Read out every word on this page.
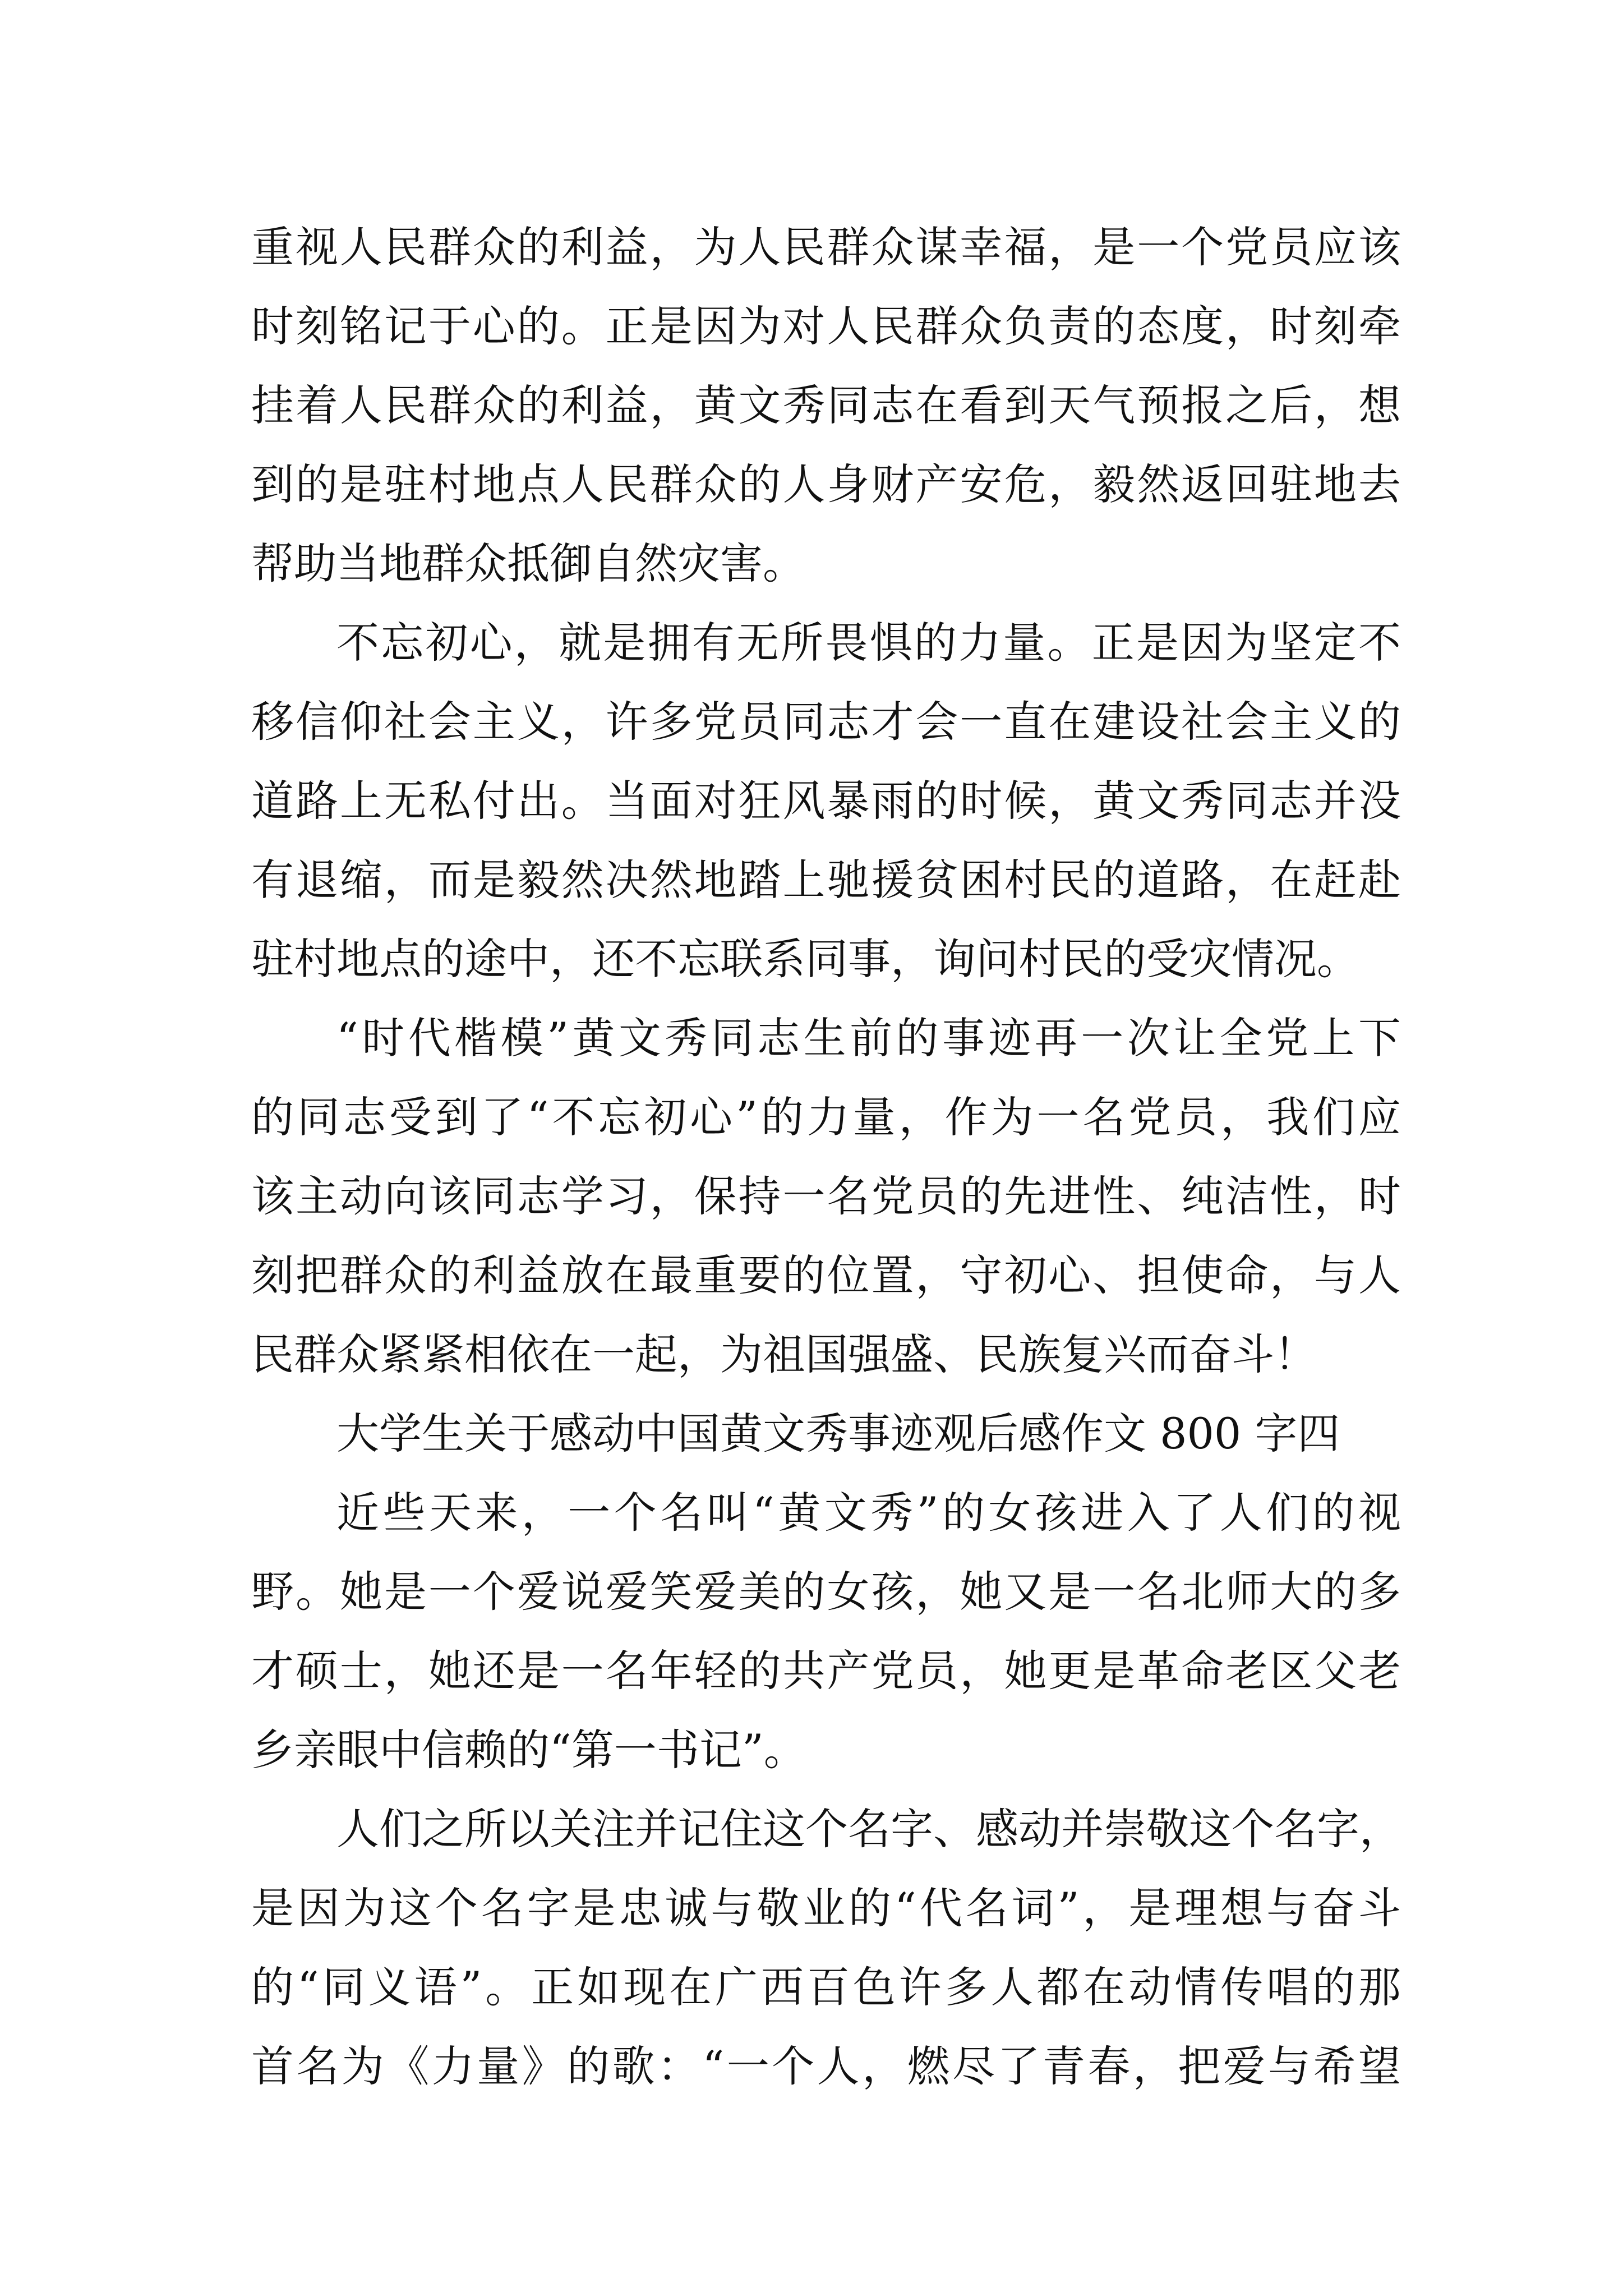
重视人民群众的利益，为人民群众谋幸福，是一个党员应该
时刻铭记于心的。正是因为对人民群众负责的态度，时刻牵
挂着人民群众的利益，黄文秀同志在看到天气预报之后，想
到的是驻村地点人民群众的人身财产安危，毅然返回驻地去
帮助当地群众抵御自然灾害。
不忘初心，就是拥有无所畏惧的力量。正是因为坚定不
移信仰社会主义，许多党员同志才会一直在建设社会主义的
道路上无私付出。当面对狂风暴雨的时候，黄文秀同志并没
有退缩，而是毅然决然地踏上驰援贫困村民的道路，在赶赴
驻村地点的途中，还不忘联系同事，询问村民的受灾情况。
“时代楷模”黄文秀同志生前的事迹再一次让全党上下
的同志受到了“不忘初心”的力量，作为一名党员，我们应
该主动向该同志学习，保持一名党员的先进性、纯洁性，时
刻把群众的利益放在最重要的位置，守初心、担使命，与人
民群众紧紧相依在一起，为祖国强盛、民族复兴而奋斗！
大学生关于感动中国黄文秀事迹观后感作文 800 字四
近些天来，一个名叫“黄文秀”的女孩进入了人们的视
野。她是一个爱说爱笑爱美的女孩，她又是一名北师大的多
才硕士，她还是一名年轻的共产党员，她更是革命老区父老
乡亲眼中信赖的“第一书记”。
人们之所以关注并记住这个名字、感动并崇敬这个名字，
是因为这个名字是忠诚与敬业的“代名词”，是理想与奋斗
的“同义语”。正如现在广西百色许多人都在动情传唱的那
首名为《力量》的歌：“一个人，燃尽了青春，把爱与希望
